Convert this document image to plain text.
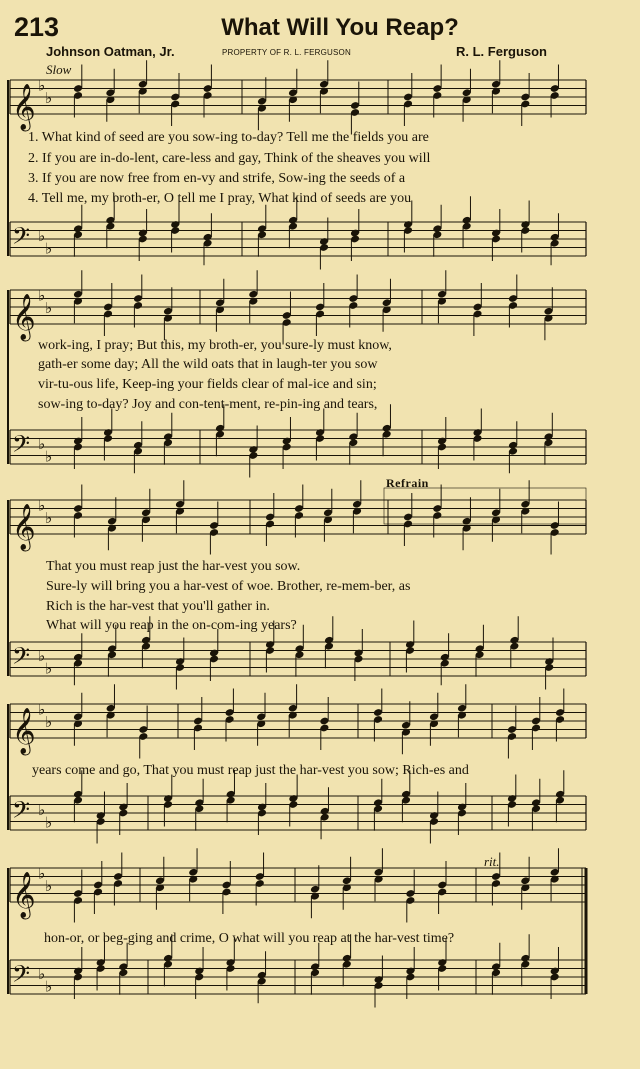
213	What Will You Reap?
Johnson Oatman, Jr.	PROPERTY OF R. L. FERGUSON	R. L. Ferguson
Slow
Refrain
rit.
𝄞 ♭
♭
𝄢 ♭
♭
𝄞 ♭
♭
𝄢 ♭
♭
𝄞 ♭
♭
𝄢 ♭
♭
𝄞 ♭
♭
𝄢 ♭
♭
𝄞 ♭
♭
𝄢 ♭
♭
1. What kind of seed are you sow-ing to-day? Tell me the fields you are
2. If you are in-do-lent, care-less and gay, Think of the sheaves you will
3. If you are now free from en-vy and strife, Sow-ing the seeds of a
4. Tell me, my broth-er, O tell me I pray, What kind of seeds are you
work-ing, I pray; But this, my broth-er, you sure-ly must know,
gath-er some day; All the wild oats that in laugh-ter you sow
vir-tu-ous life, Keep-ing your fields clear of mal-ice and sin;
sow-ing to-day? Joy and con-tent-ment, re-pin-ing and tears,
That you must reap just the har-vest you sow.
Sure-ly will bring you a har-vest of woe. Brother, re-mem-ber, as
Rich is the har-vest that you'll gather in.
What will you reap in the on-com-ing years?
years come and go, That you must reap just the har-vest you sow; Rich-es and
hon-or, or beg-ging and crime, O what will you reap at the har-vest time?
